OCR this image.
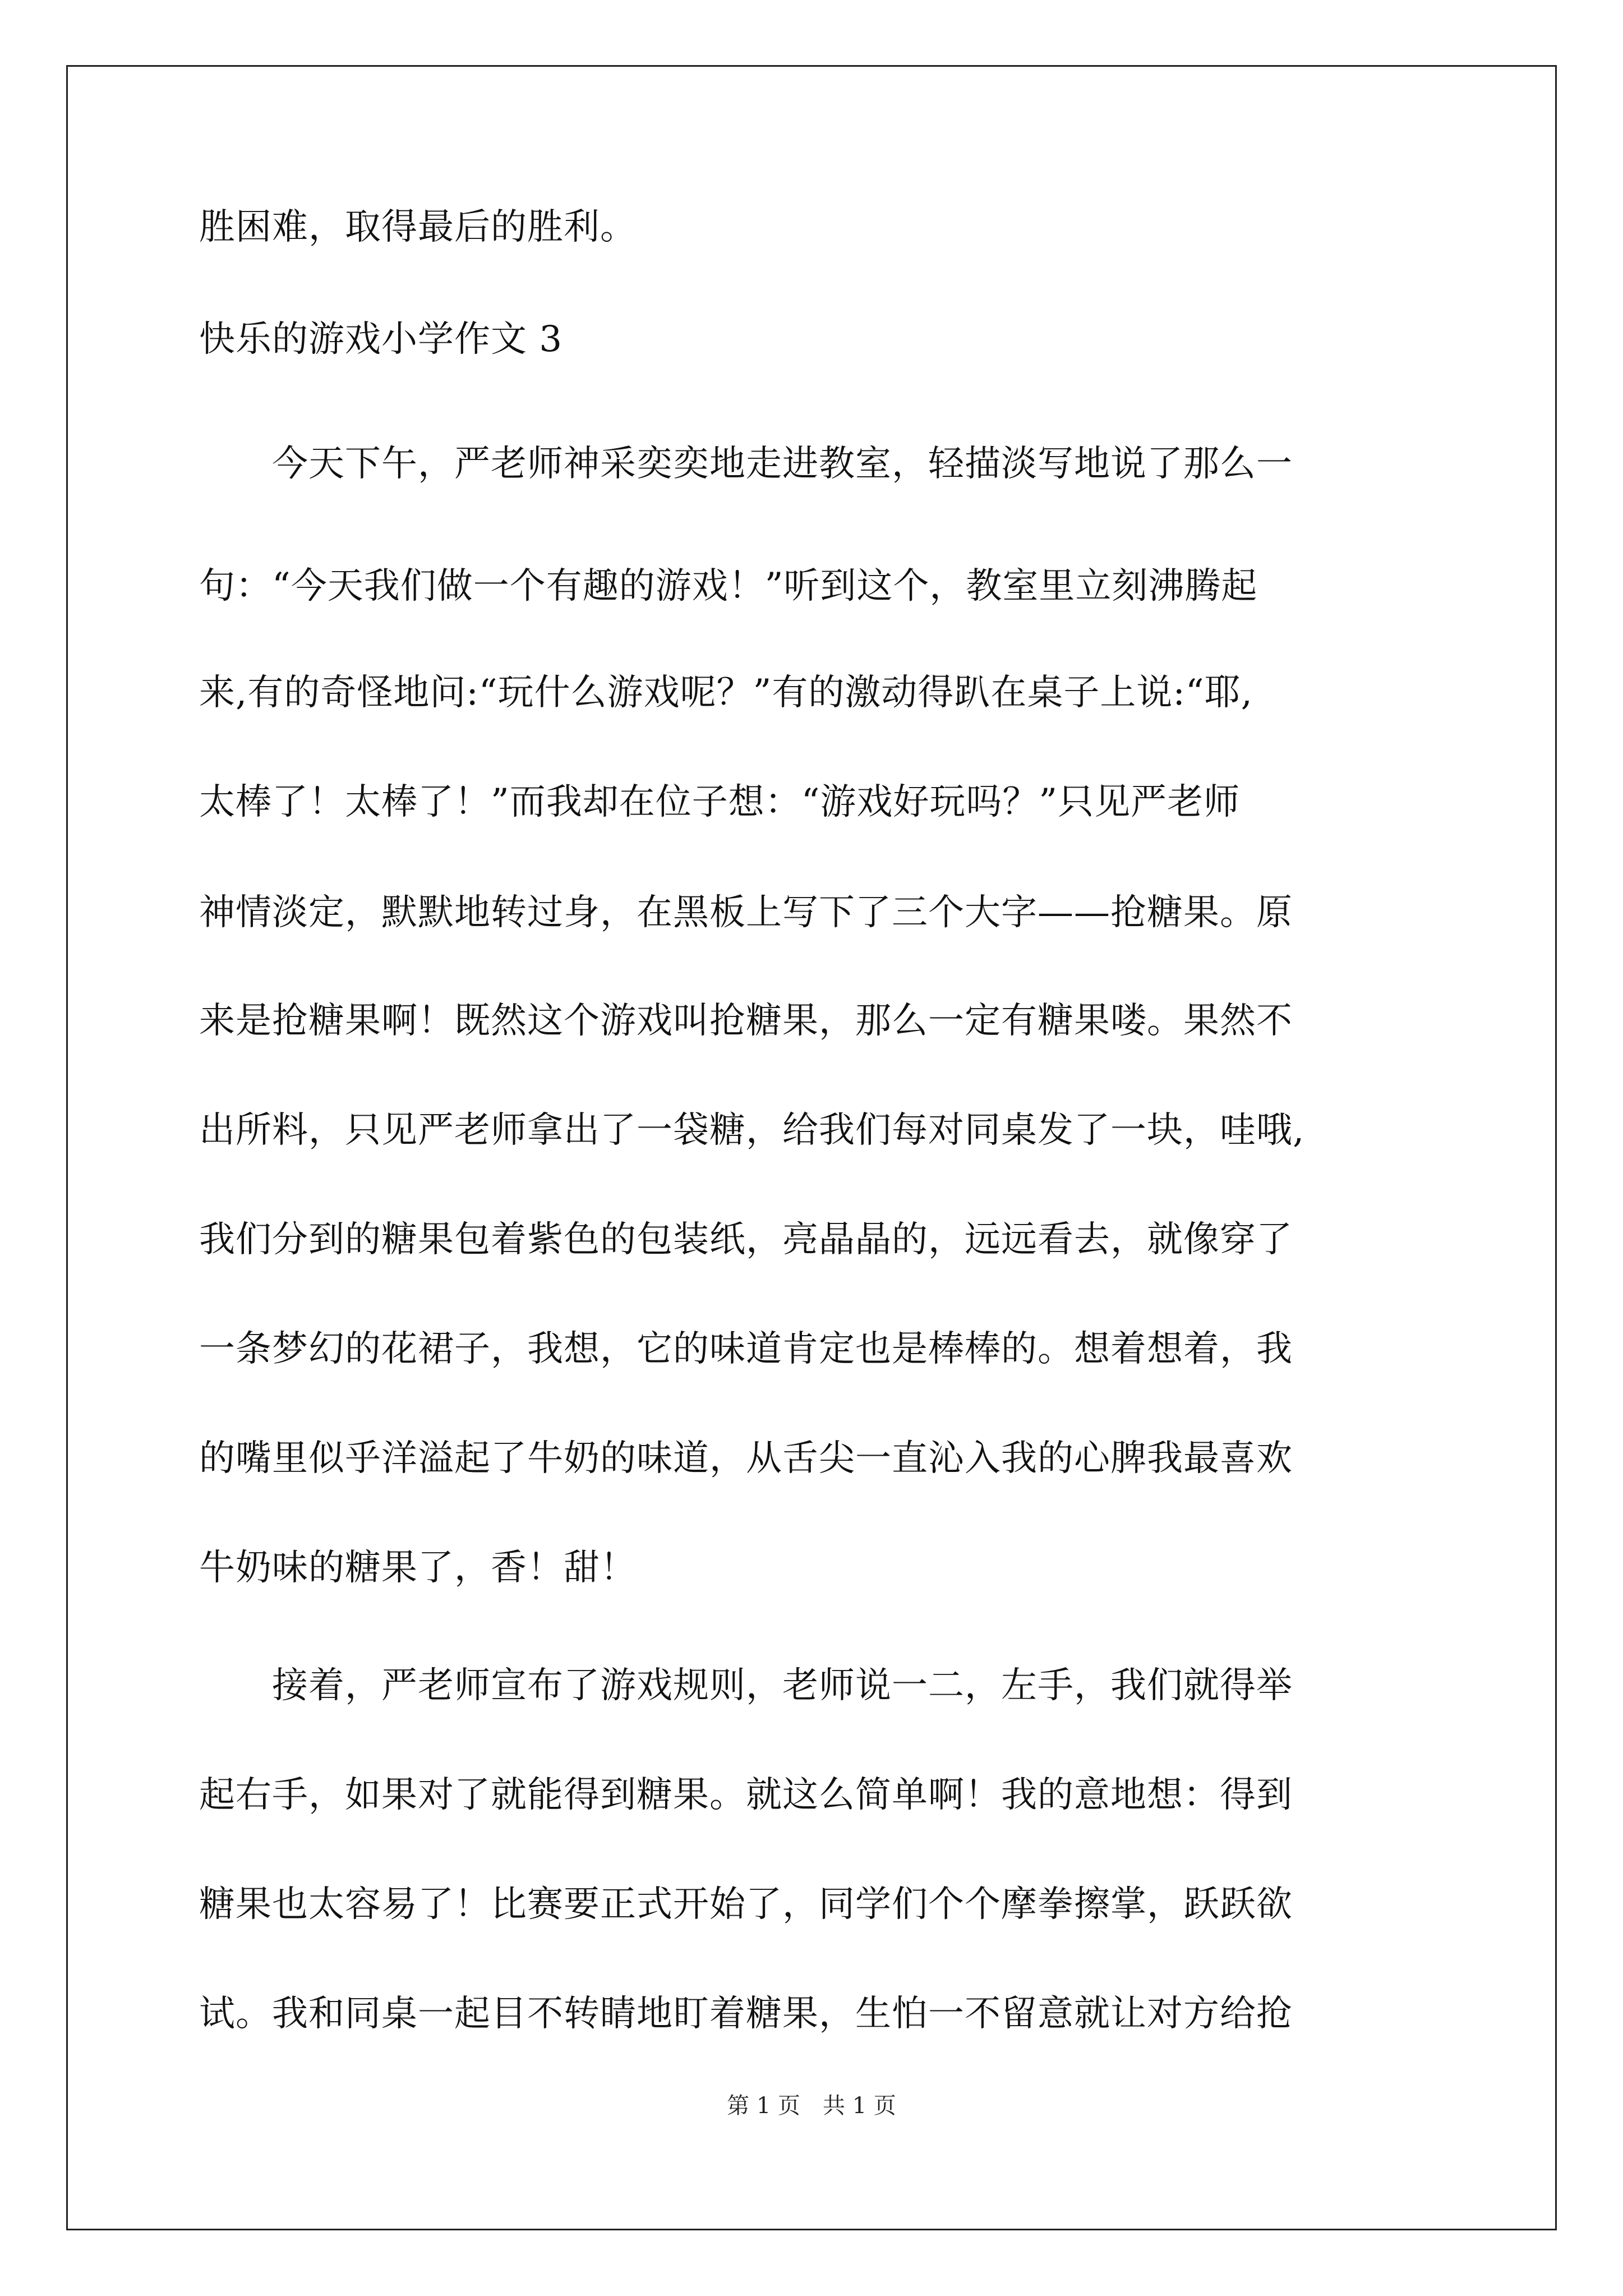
胜困难，取得最后的胜利。
快乐的游戏小学作文 3
　　今天下午，严老师神采奕奕地走进教室，轻描淡写地说了那么一
句：“今天我们做一个有趣的游戏！”听到这个，教室里立刻沸腾起
来,有的奇怪地问:“玩什么游戏呢？”有的激动得趴在桌子上说:“耶,
太棒了！太棒了！”而我却在位子想：“游戏好玩吗？”只见严老师
神情淡定，默默地转过身，在黑板上写下了三个大字——抢糖果。原
来是抢糖果啊！既然这个游戏叫抢糖果，那么一定有糖果喽。果然不
出所料，只见严老师拿出了一袋糖，给我们每对同桌发了一块，哇哦,
我们分到的糖果包着紫色的包装纸，亮晶晶的，远远看去，就像穿了
一条梦幻的花裙子，我想，它的味道肯定也是棒棒的。想着想着，我
的嘴里似乎洋溢起了牛奶的味道，从舌尖一直沁入我的心脾我最喜欢
牛奶味的糖果了，香！甜！
　　接着，严老师宣布了游戏规则，老师说一二，左手，我们就得举
起右手，如果对了就能得到糖果。就这么简单啊！我的意地想：得到
糖果也太容易了！比赛要正式开始了，同学们个个摩拳擦掌，跃跃欲
试。我和同桌一起目不转睛地盯着糖果，生怕一不留意就让对方给抢
第 1 页　共 1 页
